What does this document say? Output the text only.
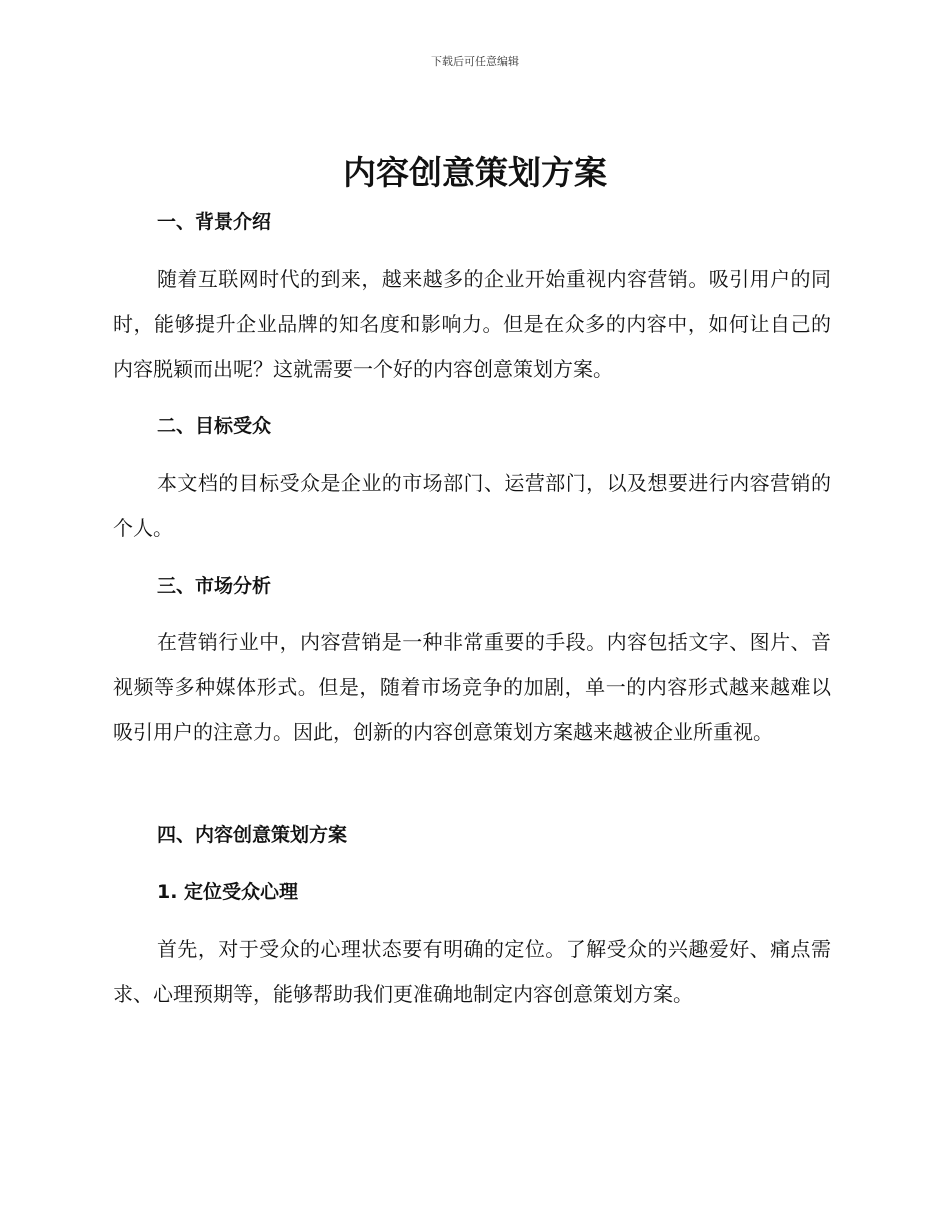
下载后可任意编辑
内容创意策划方案
一、背景介绍

随着互联网时代的到来，越来越多的企业开始重视内容营销。吸引用户的同时，能够提升企业品牌的知名度和影响力。但是在众多的内容中，如何让自己的内容脱颖而出呢？这就需要一个好的内容创意策划方案。

二、目标受众

本文档的目标受众是企业的市场部门、运营部门，以及想要进行内容营销的个人。

三、市场分析

在营销行业中，内容营销是一种非常重要的手段。内容包括文字、图片、音视频等多种媒体形式。但是，随着市场竞争的加剧，单一的内容形式越来越难以吸引用户的注意力。因此，创新的内容创意策划方案越来越被企业所重视。

四、内容创意策划方案
1. 定位受众心理

首先，对于受众的心理状态要有明确的定位。了解受众的兴趣爱好、痛点需求、心理预期等，能够帮助我们更准确地制定内容创意策划方案。
